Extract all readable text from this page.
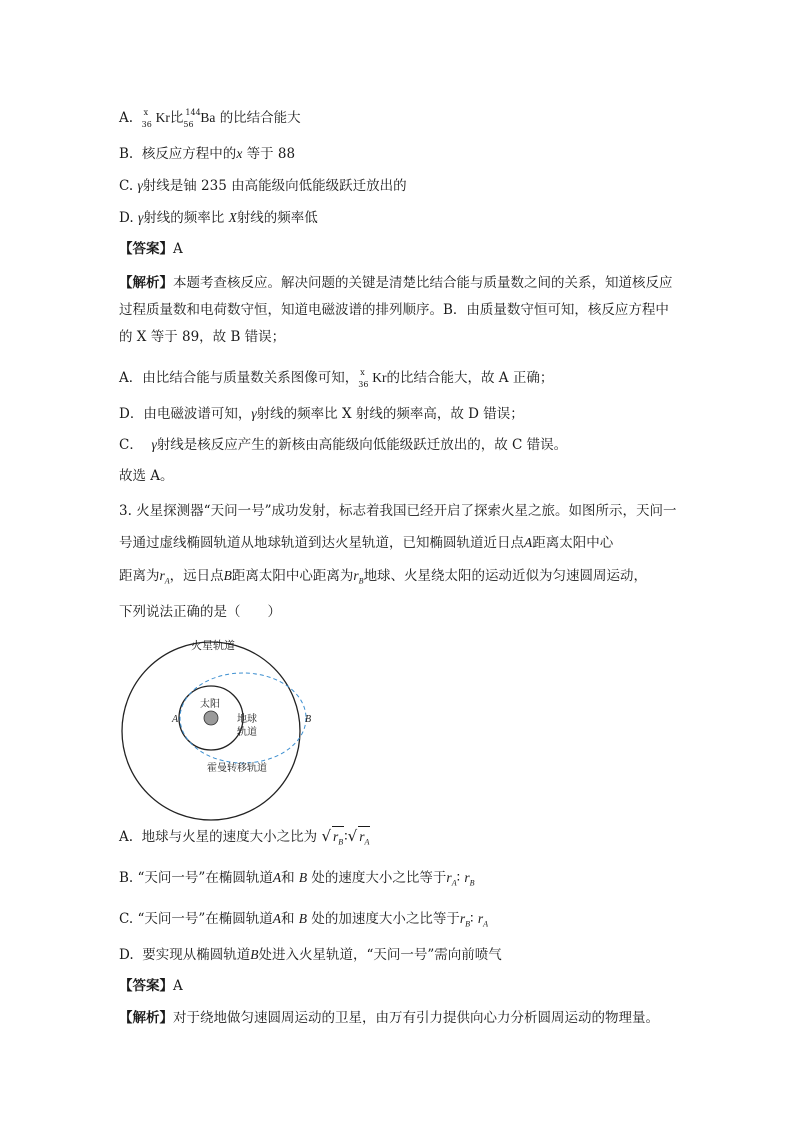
A. x
36 Kr比 144
56 Ba 的比结合能大
B. 核反应方程中的x 等于 88
C. γ射线是铀 235 由高能级向低能级跃迁放出的
D. γ射线的频率比 X射线的频率低
【答案】A
【解析】本题考查核反应。解决问题的关键是清楚比结合能与质量数之间的关系，知道核反应过程质量数和电荷数守恒，知道电磁波谱的排列顺序。B．由质量数守恒可知，核反应方程中的 X 等于 89，故 B 错误；
A．由比结合能与质量数关系图像可知， x
36 Kr的比结合能大，故 A 正确；
D．由电磁波谱可知，γ射线的频率比 X 射线的频率高，故 D 错误；
C． γ射线是核反应产生的新核由高能级向低能级跃迁放出的，故 C 错误。
故选 A。
3. 火星探测器“天问一号”成功发射，标志着我国已经开启了探索火星之旅。如图所示，天问一号通过虚线椭圆轨道从地球轨道到达火星轨道，已知椭圆轨道近日点A距离太阳中心
距离为$r_A$，远日点B距离太阳中心距离为$r_B$地球、火星绕太阳的运动近似为匀速圆周运动，
下列说法正确的是（　　）
火星轨道
太阳
地球
轨道
霍曼转移轨道
A	B
A. 地球与火星的速度大小之比为 √ $r_B∶√$ $r_A$
B. “天问一号”在椭圆轨道A和 B 处的速度大小之比等于$r_A∶$ $r_B$
C. “天问一号”在椭圆轨道A和 B 处的加速度大小之比等于$r_B∶$ $r_A$
D. 要实现从椭圆轨道B处进入火星轨道，“天问一号”需向前喷气
【答案】A
【解析】对于绕地做匀速圆周运动的卫星，由万有引力提供向心力分析圆周运动的物理量。
